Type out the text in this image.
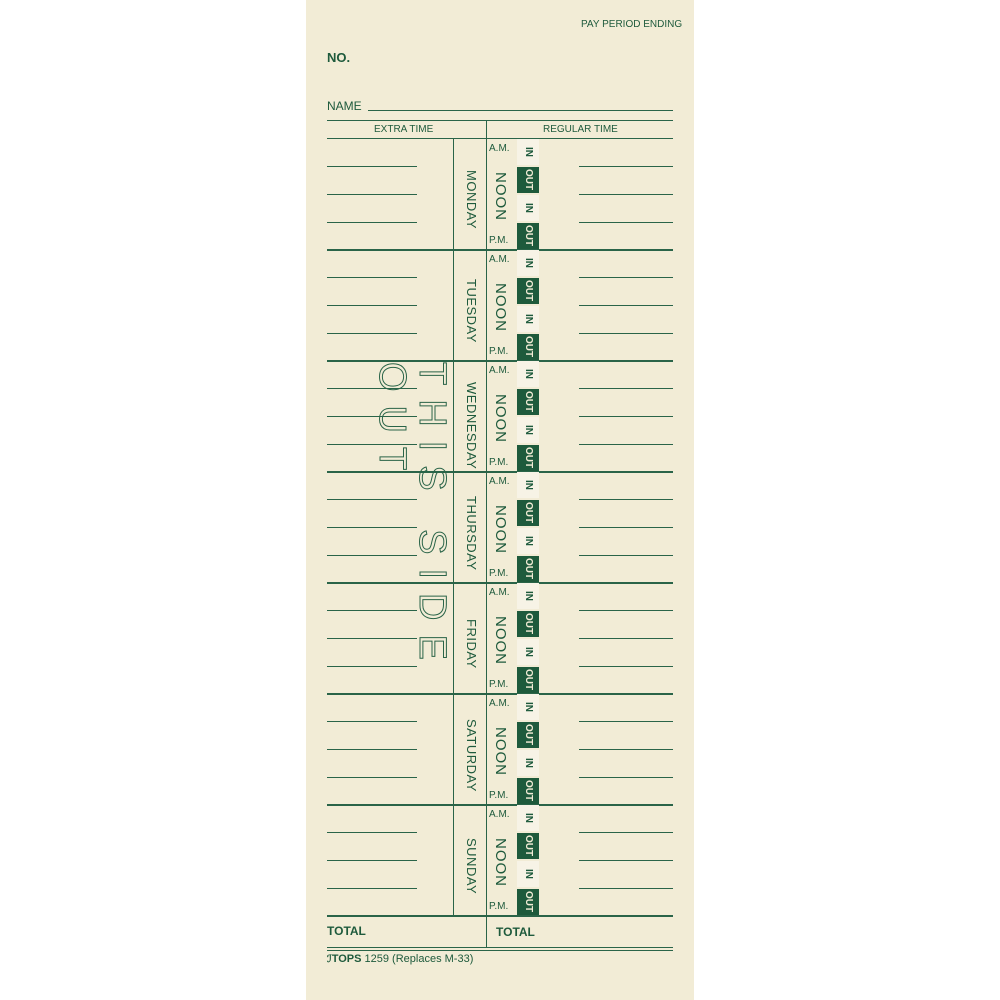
PAY PERIOD ENDING
NO.
NAME
EXTRA TIME	REGULAR TIME
MONDAY
A.M.
NOON
P.M.
IN
OUT
IN
OUT
TUESDAY
A.M.
NOON
P.M.
IN
OUT
IN
OUT
WEDNESDAY
A.M.
NOON
P.M.
IN
OUT
IN
OUT
THURSDAY
A.M.
NOON
P.M.
IN
OUT
IN
OUT
FRIDAY
A.M.
NOON
P.M.
IN
OUT
IN
OUT
SATURDAY
A.M.
NOON
P.M.
IN
OUT
IN
OUT
SUNDAY
A.M.
NOON
P.M.
IN
OUT
IN
OUT
THIS SIDE OUT
TOTAL	TOTAL
ℐTOPS 1259 (Replaces M-33)
